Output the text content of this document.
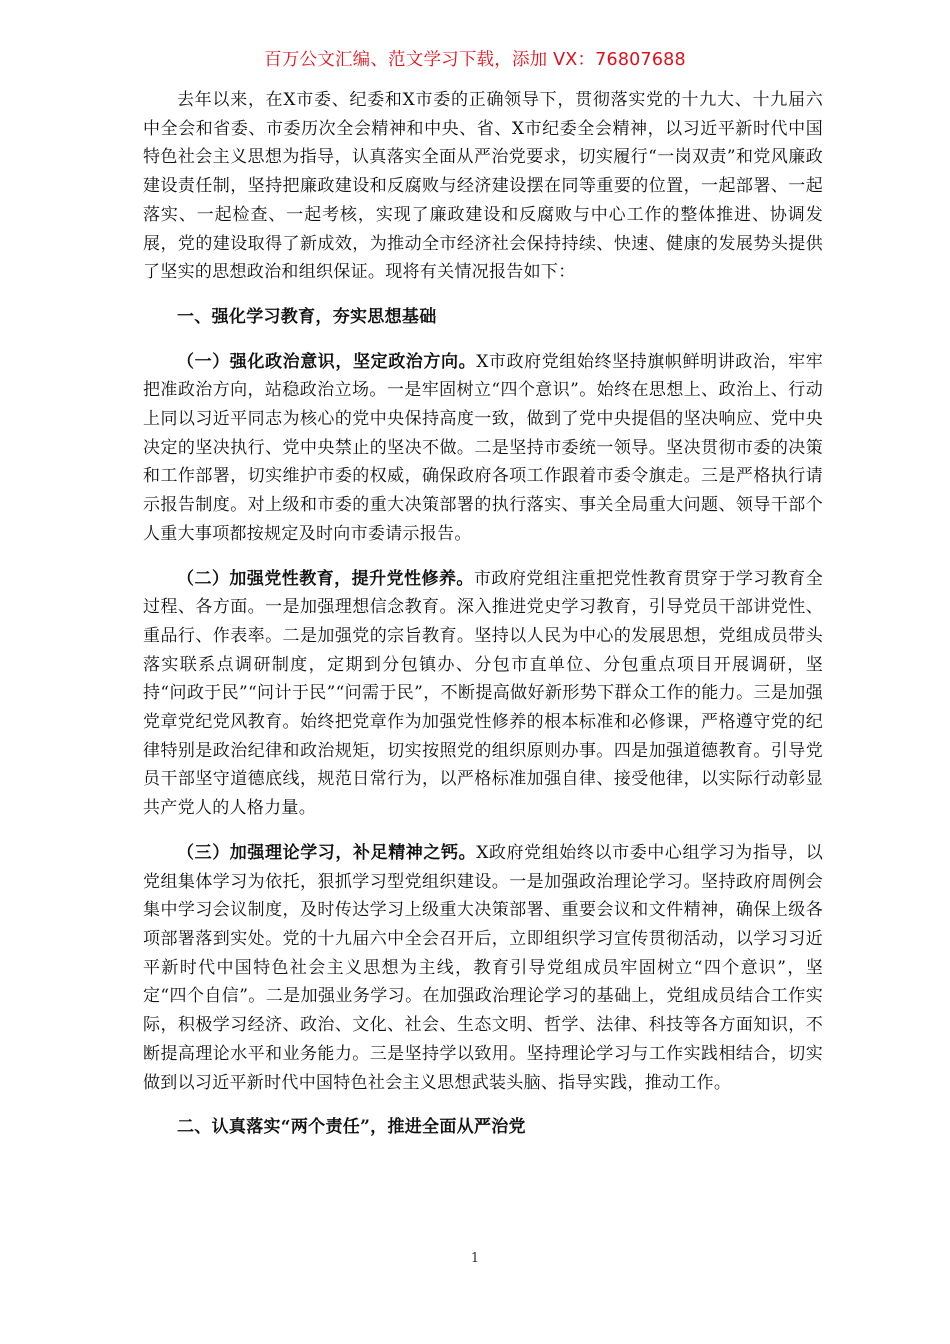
百万公文汇编、范文学习下载，添加 VX：76807688

去年以来，在X市委、纪委和X市委的正确领导下，贯彻落实党的十九大、十九届六中全会和省委、市委历次全会精神和中央、省、X市纪委全会精神，以习近平新时代中国特色社会主义思想为指导，认真落实全面从严治党要求，切实履行“一岗双责”和党风廉政建设责任制，坚持把廉政建设和反腐败与经济建设摆在同等重要的位置，一起部署、一起落实、一起检查、一起考核，实现了廉政建设和反腐败与中心工作的整体推进、协调发展，党的建设取得了新成效，为推动全市经济社会保持持续、快速、健康的发展势头提供了坚实的思想政治和组织保证。现将有关情况报告如下：

一、强化学习教育，夯实思想基础

（一）强化政治意识，坚定政治方向。X市政府党组始终坚持旗帜鲜明讲政治，牢牢把准政治方向，站稳政治立场。一是牢固树立“四个意识”。始终在思想上、政治上、行动上同以习近平同志为核心的党中央保持高度一致，做到了党中央提倡的坚决响应、党中央决定的坚决执行、党中央禁止的坚决不做。二是坚持市委统一领导。坚决贯彻市委的决策和工作部署，切实维护市委的权威，确保政府各项工作跟着市委令旗走。三是严格执行请示报告制度。对上级和市委的重大决策部署的执行落实、事关全局重大问题、领导干部个人重大事项都按规定及时向市委请示报告。

（二）加强党性教育，提升党性修养。市政府党组注重把党性教育贯穿于学习教育全过程、各方面。一是加强理想信念教育。深入推进党史学习教育，引导党员干部讲党性、重品行、作表率。二是加强党的宗旨教育。坚持以人民为中心的发展思想，党组成员带头落实联系点调研制度，定期到分包镇办、分包市直单位、分包重点项目开展调研，坚持“问政于民”“问计于民”“问需于民”，不断提高做好新形势下群众工作的能力。三是加强党章党纪党风教育。始终把党章作为加强党性修养的根本标准和必修课，严格遵守党的纪律特别是政治纪律和政治规矩，切实按照党的组织原则办事。四是加强道德教育。引导党员干部坚守道德底线，规范日常行为，以严格标准加强自律、接受他律，以实际行动彰显共产党人的人格力量。

（三）加强理论学习，补足精神之钙。X政府党组始终以市委中心组学习为指导，以党组集体学习为依托，狠抓学习型党组织建设。一是加强政治理论学习。坚持政府周例会集中学习会议制度，及时传达学习上级重大决策部署、重要会议和文件精神，确保上级各项部署落到实处。党的十九届六中全会召开后，立即组织学习宣传贯彻活动，以学习习近平新时代中国特色社会主义思想为主线，教育引导党组成员牢固树立“四个意识”，坚定“四个自信”。二是加强业务学习。在加强政治理论学习的基础上，党组成员结合工作实际，积极学习经济、政治、文化、社会、生态文明、哲学、法律、科技等各方面知识，不断提高理论水平和业务能力。三是坚持学以致用。坚持理论学习与工作实践相结合，切实做到以习近平新时代中国特色社会主义思想武装头脑、指导实践，推动工作。

二、认真落实“两个责任”，推进全面从严治党
1
